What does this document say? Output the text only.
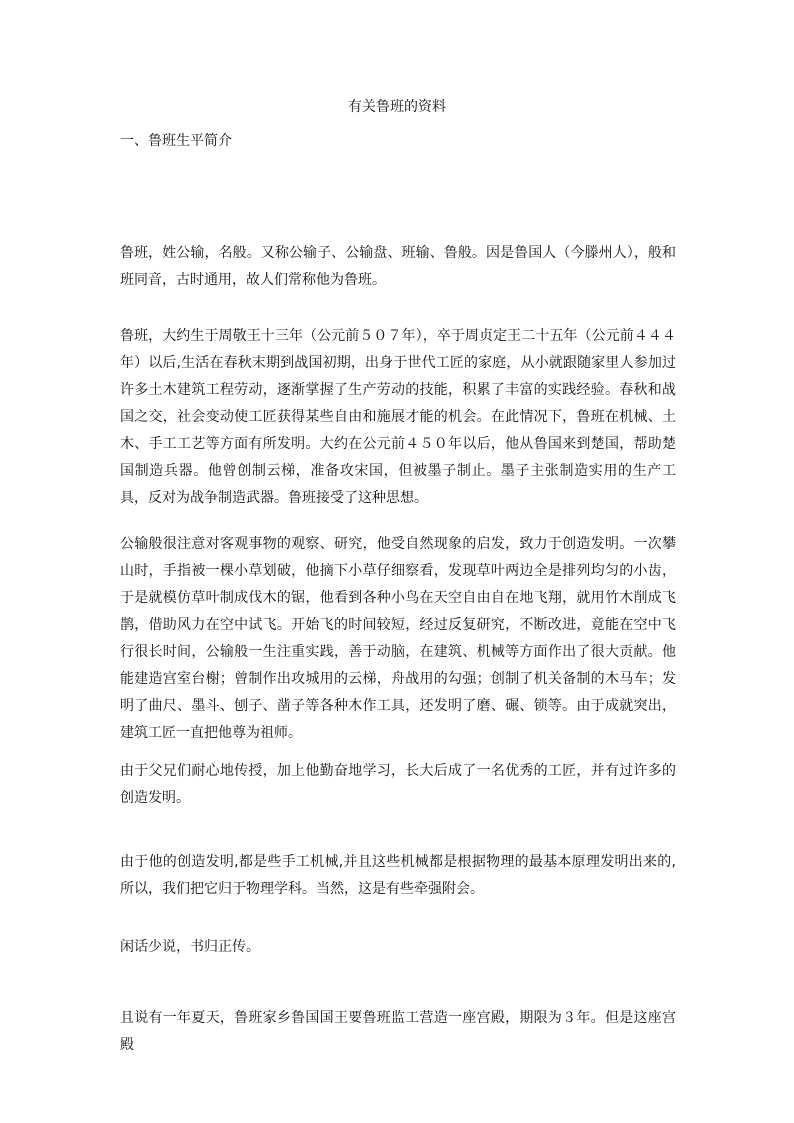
有关鲁班的资料
一、鲁班生平简介

鲁班，姓公输，名般。又称公输子、公输盘、班输、鲁般。因是鲁国人（今滕州人），般和班同音，古时通用，故人们常称他为鲁班。

鲁班，大约生于周敬王十三年（公元前５０７年），卒于周贞定王二十五年（公元前４４４年）以后,生活在春秋末期到战国初期，出身于世代工匠的家庭，从小就跟随家里人参加过许多土木建筑工程劳动，逐渐掌握了生产劳动的技能，积累了丰富的实践经验。春秋和战国之交，社会变动使工匠获得某些自由和施展才能的机会。在此情况下，鲁班在机械、土木、手工工艺等方面有所发明。大约在公元前４５０年以后，他从鲁国来到楚国，帮助楚国制造兵器。他曾创制云梯，准备攻宋国，但被墨子制止。墨子主张制造实用的生产工具，反对为战争制造武器。鲁班接受了这种思想。

公输般很注意对客观事物的观察、研究，他受自然现象的启发，致力于创造发明。一次攀山时，手指被一棵小草划破，他摘下小草仔细察看，发现草叶两边全是排列均匀的小齿，于是就模仿草叶制成伐木的锯，他看到各种小鸟在天空自由自在地飞翔，就用竹木削成飞鹊，借助风力在空中试飞。开始飞的时间较短，经过反复研究，不断改进，竟能在空中飞行很长时间，公输般一生注重实践，善于动脑，在建筑、机械等方面作出了很大贡献。他能建造宫室台榭；曾制作出攻城用的云梯，舟战用的勾强；创制了机关备制的木马车；发明了曲尺、墨斗、刨子、凿子等各种木作工具，还发明了磨、碾、锁等。由于成就突出，建筑工匠一直把他尊为祖师。

由于父兄们耐心地传授，加上他勤奋地学习，长大后成了一名优秀的工匠，并有过许多的创造发明。

由于他的创造发明,都是些手工机械,并且这些机械都是根据物理的最基本原理发明出来的,所以，我们把它归于物理学科。当然，这是有些牵强附会。

闲话少说，书归正传。

且说有一年夏天，鲁班家乡鲁国国王要鲁班监工营造一座宫殿，期限为３年。但是这座宫殿
